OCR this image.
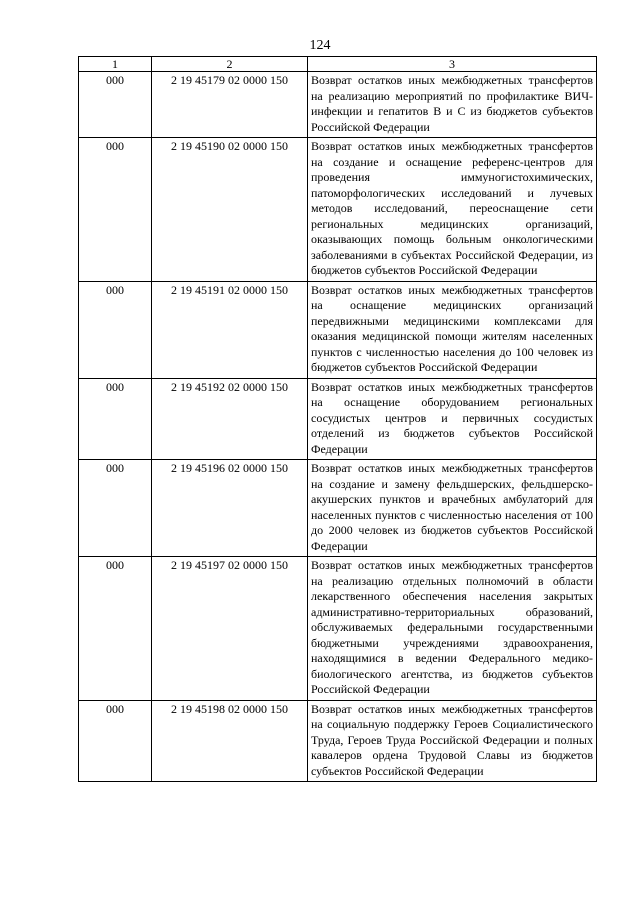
124
1	2	3
000	2 19 45179 02 0000 150	Возврат остатков иных межбюджетных трансфертов на реализацию мероприятий по профилактике ВИЧ-инфекции и гепатитов B и C из бюджетов субъектов Российской Федерации
000	2 19 45190 02 0000 150	Возврат остатков иных межбюджетных трансфертов на создание и оснащение референс-центров для проведения иммуногистохимических, патоморфологических исследований и лучевых методов исследований, переоснащение сети региональных медицинских организаций, оказывающих помощь больным онкологическими заболеваниями в субъектах Российской Федерации, из бюджетов субъектов Российской Федерации
000	2 19 45191 02 0000 150	Возврат остатков иных межбюджетных трансфертов на оснащение медицинских организаций передвижными медицинскими комплексами для оказания медицинской помощи жителям населенных пунктов с численностью населения до 100 человек из бюджетов субъектов Российской Федерации
000	2 19 45192 02 0000 150	Возврат остатков иных межбюджетных трансфертов на оснащение оборудованием региональных сосудистых центров и первичных сосудистых отделений из бюджетов субъектов Российской Федерации
000	2 19 45196 02 0000 150	Возврат остатков иных межбюджетных трансфертов на создание и замену фельдшерских, фельдшерско-акушерских пунктов и врачебных амбулаторий для населенных пунктов с численностью населения от 100 до 2000 человек из бюджетов субъектов Российской Федерации
000	2 19 45197 02 0000 150	Возврат остатков иных межбюджетных трансфертов на реализацию отдельных полномочий в области лекарственного обеспечения населения закрытых административно-территориальных образований, обслуживаемых федеральными государственными бюджетными учреждениями здравоохранения, находящимися в ведении Федерального медико-биологического агентства, из бюджетов субъектов Российской Федерации
000	2 19 45198 02 0000 150	Возврат остатков иных межбюджетных трансфертов на социальную поддержку Героев Социалистического Труда, Героев Труда Российской Федерации и полных кавалеров ордена Трудовой Славы из бюджетов субъектов Российской Федерации
